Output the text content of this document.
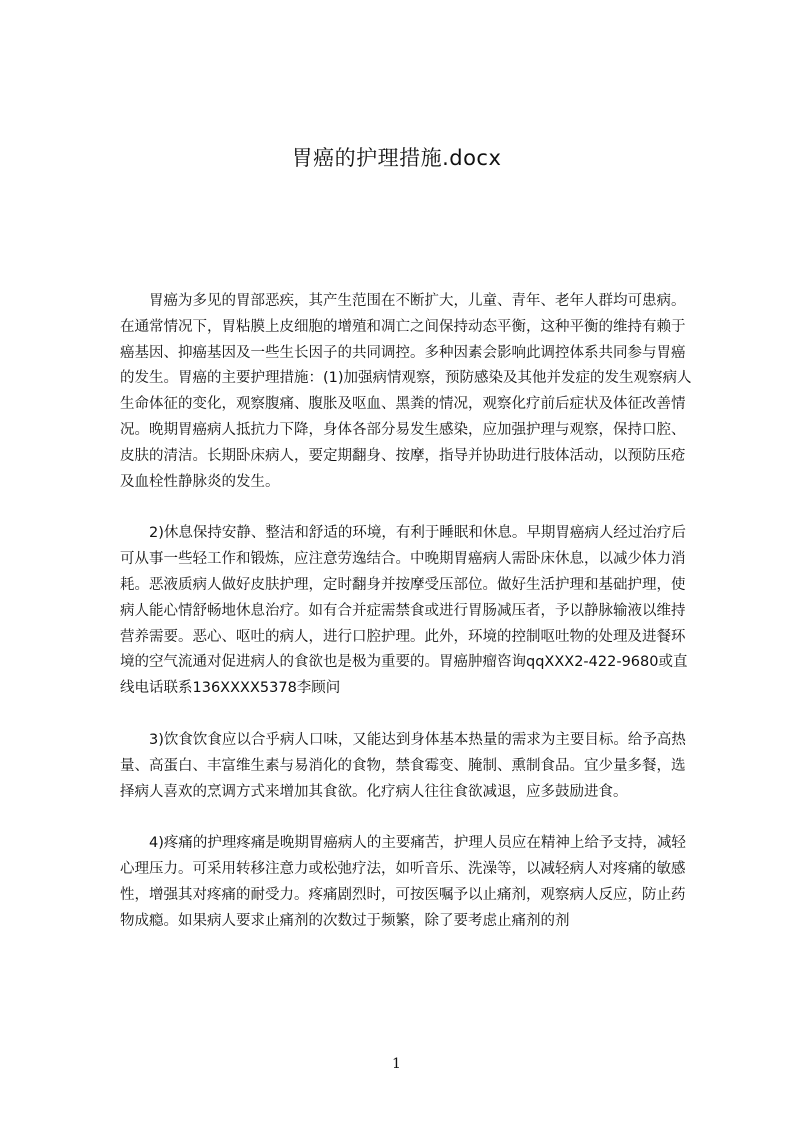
胃癌的护理措施.docx

胃癌为多见的胃部恶疾，其产生范围在不断扩大，儿童、青年、老年人群均可患病。在通常情况下，胃粘膜上皮细胞的增殖和凋亡之间保持动态平衡，这种平衡的维持有赖于癌基因、抑癌基因及一些生长因子的共同调控。多种因素会影响此调控体系共同参与胃癌的发生。胃癌的主要护理措施：(1)加强病情观察，预防感染及其他并发症的发生观察病人生命体征的变化，观察腹痛、腹胀及呕血、黑粪的情况，观察化疗前后症状及体征改善情况。晚期胃癌病人抵抗力下降，身体各部分易发生感染，应加强护理与观察，保持口腔、皮肤的清洁。长期卧床病人，要定期翻身、按摩，指导并协助进行肢体活动，以预防压疮及血栓性静脉炎的发生。

2)休息保持安静、整洁和舒适的环境，有利于睡眠和休息。早期胃癌病人经过治疗后可从事一些轻工作和锻炼，应注意劳逸结合。中晚期胃癌病人需卧床休息，以减少体力消耗。恶液质病人做好皮肤护理，定时翻身并按摩受压部位。做好生活护理和基础护理，使病人能心情舒畅地休息治疗。如有合并症需禁食或进行胃肠减压者，予以静脉输液以维持营养需要。恶心、呕吐的病人，进行口腔护理。此外，环境的控制呕吐物的处理及进餐环境的空气流通对促进病人的食欲也是极为重要的。胃癌肿瘤咨询qqXXX2-422-9680或直线电话联系136XXXX5378李顾问

3)饮食饮食应以合乎病人口味，又能达到身体基本热量的需求为主要目标。给予高热量、高蛋白、丰富维生素与易消化的食物，禁食霉变、腌制、熏制食品。宜少量多餐，选择病人喜欢的烹调方式来增加其食欲。化疗病人往往食欲减退，应多鼓励进食。

4)疼痛的护理疼痛是晚期胃癌病人的主要痛苦，护理人员应在精神上给予支持，减轻心理压力。可采用转移注意力或松弛疗法，如听音乐、洗澡等，以减轻病人对疼痛的敏感性，增强其对疼痛的耐受力。疼痛剧烈时，可按医嘱予以止痛剂，观察病人反应，防止药物成瘾。如果病人要求止痛剂的次数过于频繁，除了要考虑止痛剂的剂

1
